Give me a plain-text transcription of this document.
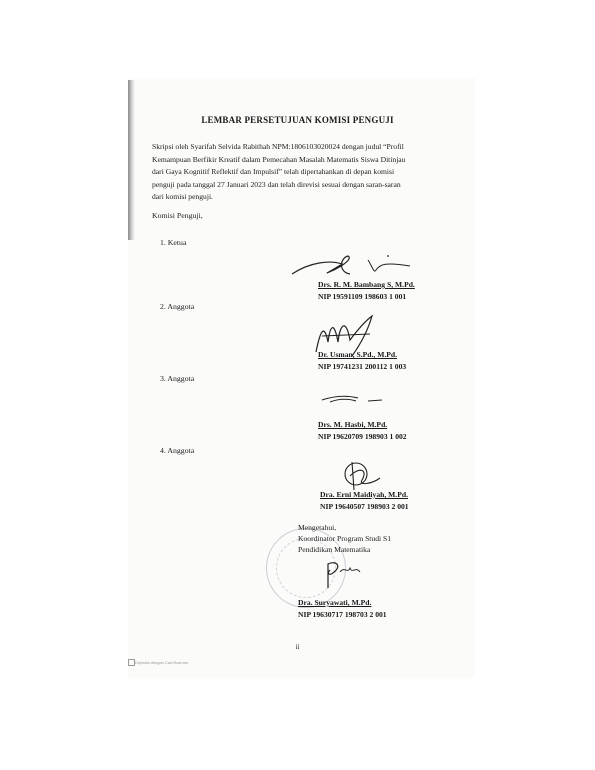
LEMBAR PERSETUJUAN KOMISI PENGUJI
Skripsi oleh Syarifah Selvida Rabithah NPM:1806103020024 dengan judul “Profil
Kemampuan Berfikir Kreatif dalam Pemecahan Masalah Matematis Siswa Ditinjau
dari Gaya Kognitif Reflektif dan Impulsif” telah dipertahankan di depan komisi
penguji pada tanggal 27 Januari 2023 dan telah direvisi sesuai dengan saran-saran
dari komisi penguji.
Komisi Penguji,
1. Ketua
Drs. R. M. Bambang S, M.Pd.
NIP 19591109 198603 1 001
2. Anggota
Dr. Usman, S.Pd., M.Pd.
NIP 19741231 200112 1 003
3. Anggota
Drs. M. Hasbi, M.Pd.
NIP 19620709 198903 1 002
4. Anggota
Dra. Erni Maidiyah, M.Pd.
NIP 19640507 198903 2 001
Mengetahui,
Koordinator Program Studi S1
Pendidikan Matematika
Dra. Suryawati, M.Pd.
NIP 19630717 198703 2 001
ii
Dipindai dengan CamScanner
